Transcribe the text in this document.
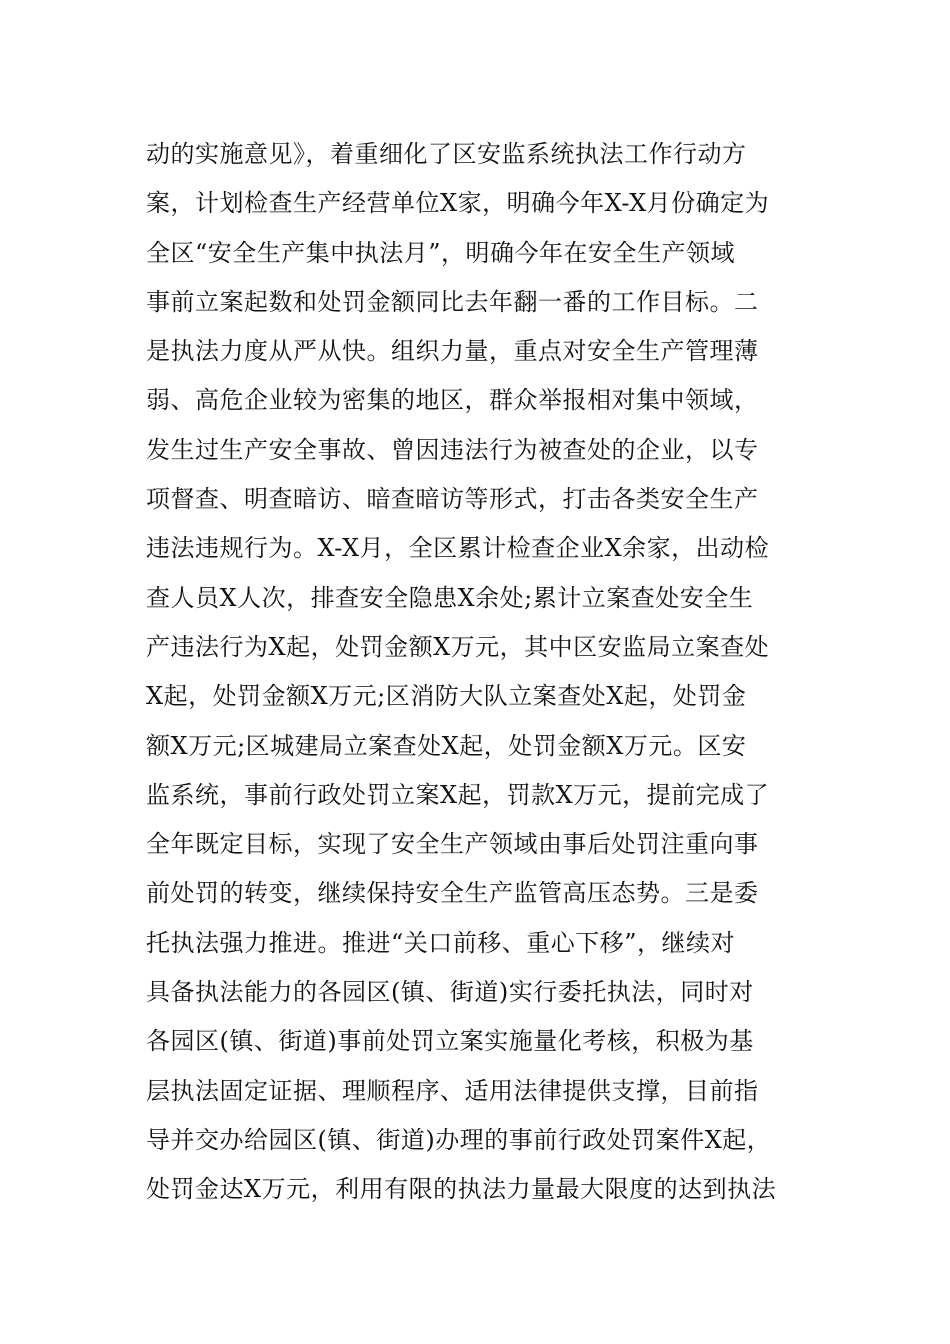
动的实施意见》，着重细化了区安监系统执法工作行动方
案，计划检查生产经营单位X家，明确今年X-X月份确定为
全区“安全生产集中执法月”，明确今年在安全生产领域
事前立案起数和处罚金额同比去年翻一番的工作目标。二
是执法力度从严从快。组织力量，重点对安全生产管理薄
弱、高危企业较为密集的地区，群众举报相对集中领域，
发生过生产安全事故、曾因违法行为被查处的企业，以专
项督查、明查暗访、暗查暗访等形式，打击各类安全生产
违法违规行为。X-X月，全区累计检查企业X余家，出动检
查人员X人次，排查安全隐患X余处;累计立案查处安全生
产违法行为X起，处罚金额X万元，其中区安监局立案查处
X起，处罚金额X万元;区消防大队立案查处X起，处罚金
额X万元;区城建局立案查处X起，处罚金额X万元。区安
监系统，事前行政处罚立案X起，罚款X万元，提前完成了
全年既定目标，实现了安全生产领域由事后处罚注重向事
前处罚的转变，继续保持安全生产监管高压态势。三是委
托执法强力推进。推进“关口前移、重心下移”，继续对
具备执法能力的各园区(镇、街道)实行委托执法，同时对
各园区(镇、街道)事前处罚立案实施量化考核，积极为基
层执法固定证据、理顺程序、适用法律提供支撑，目前指
导并交办给园区(镇、街道)办理的事前行政处罚案件X起，
处罚金达X万元，利用有限的执法力量最大限度的达到执法
